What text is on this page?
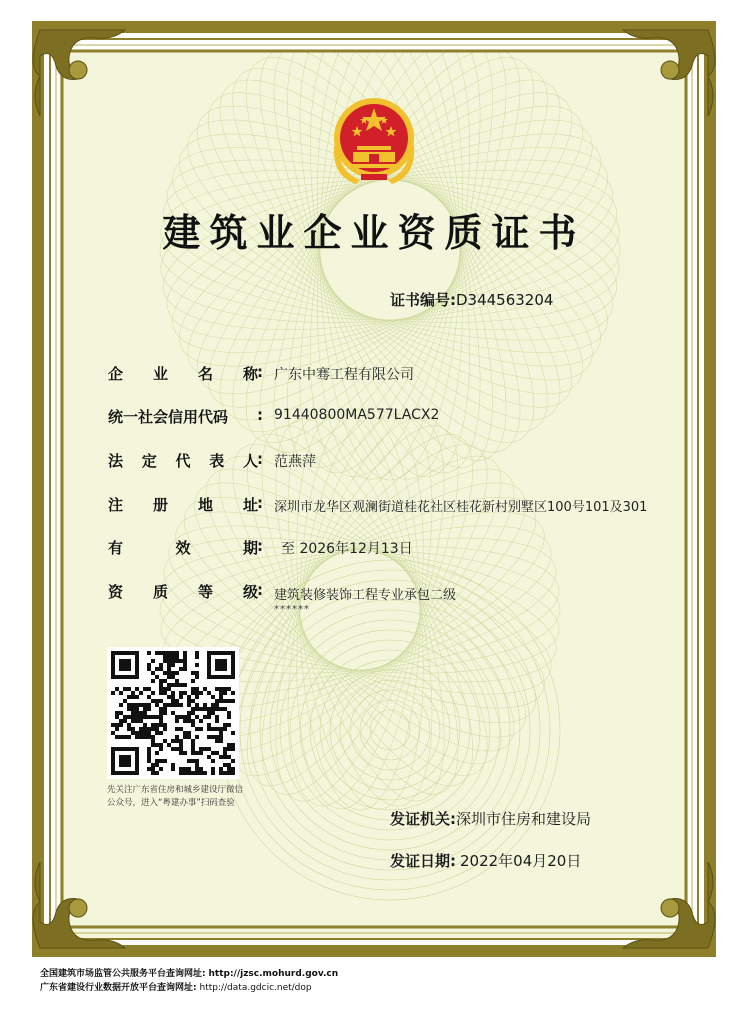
建筑业企业资质证书
证书编号:D344563204
企 业 名 称 : 广东中骞工程有限公司
统一社会信用代码 : 91440800MA577LACX2
法 定 代 表 人 : 范燕萍
注 册 地 址 : 深圳市龙华区观澜街道桂花社区桂花新村别墅区100号101及301
有	效	期 : 至 2026年12月13日
资 质 等 级 : 建筑装修装饰工程专业承包二级
******
先关注广东省住房和城乡建设厅微信公众号，进入“粤建办事”扫码查验
发证机关:深圳市住房和建设局
发证日期: 2022年04月20日
全国建筑市场监管公共服务平台查询网址: http://jzsc.mohurd.gov.cn
广东省建设行业数据开放平台查询网址: http://data.gdcic.net/dop
